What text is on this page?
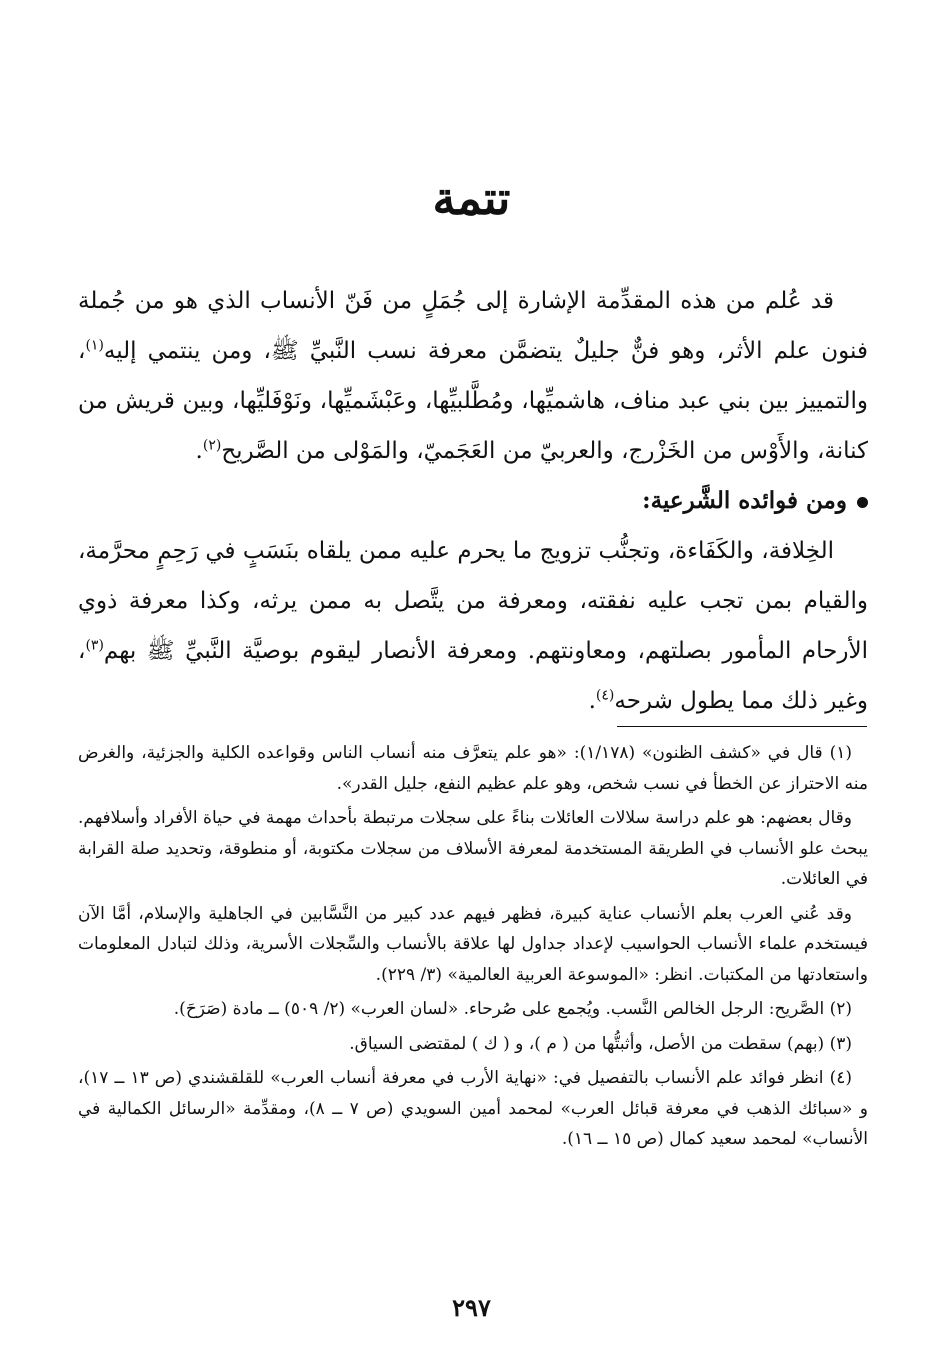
تتمة

قد عُلم من هذه المقدِّمة الإشارة إلى جُمَلٍ من فَنّ الأنساب الذي هو من جُملة فنون علم الأثر، وهو فنٌّ جليلٌ يتضمَّن معرفة نسب النَّبيِّ ﷺ، ومن ينتمي إليه$^{(١)}$، والتمييز بين بني عبد مناف، هاشميِّها، ومُطَّلبيِّها، وعَبْشَميِّها، ونَوْفَليِّها، وبين قريش من كنانة، والأَوْس من الخَزْرج، والعربيّ من العَجَميّ، والمَوْلى من الصَّريح$^{(٢)}$.

ومن فوائده الشَّرعية:

الخِلافة، والكَفَاءة، وتجنُّب تزويج ما يحرم عليه ممن يلقاه بنَسَبٍ في رَحِمٍ محرَّمة، والقيام بمن تجب عليه نفقته، ومعرفة من يتَّصل به ممن يرثه، وكذا معرفة ذوي الأرحام المأمور بصلتهم، ومعاونتهم. ومعرفة الأنصار ليقوم بوصيَّة النَّبيِّ ﷺ بهم$^{(٣)}$، وغير ذلك مما يطول شرحه$^{(٤)}$.

(١) قال في «كشف الظنون» (١/١٧٨): «هو علم يتعرَّف منه أنساب الناس وقواعده الكلية والجزئية، والغرض منه الاحتراز عن الخطأ في نسب شخص، وهو علم عظيم النفع، جليل القدر».

وقال بعضهم: هو علم دراسة سلالات العائلات بناءً على سجلات مرتبطة بأحداث مهمة في حياة الأفراد وأسلافهم. يبحث علو الأنساب في الطريقة المستخدمة لمعرفة الأسلاف من سجلات مكتوبة، أو منطوقة، وتحديد صلة القرابة في العائلات.

وقد عُني العرب بعلم الأنساب عناية كبيرة، فظهر فيهم عدد كبير من النَّسَّابين في الجاهلية والإسلام، أمَّا الآن فيستخدم علماء الأنساب الحواسيب لإعداد جداول لها علاقة بالأنساب والسِّجلات الأسرية، وذلك لتبادل المعلومات واستعادتها من المكتبات. انظر: «الموسوعة العربية العالمية» (٣/ ٢٢٩).

(٢) الصَّريح: الرجل الخالص النَّسب. ويُجمع على صُرحاء. «لسان العرب» (٢/ ٥٠٩) ــ مادة (صَرَحَ).

(٣) (بهم) سقطت من الأصل، وأثبتُّها من ( م )، و ( ك ) لمقتضى السياق.

(٤) انظر فوائد علم الأنساب بالتفصيل في: «نهاية الأرب في معرفة أنساب العرب» للقلقشندي (ص ١٣ ــ ١٧)، و «سبائك الذهب في معرفة قبائل العرب» لمحمد أمين السويدي (ص ٧ ــ ٨)، ومقدِّمة «الرسائل الكمالية في الأنساب» لمحمد سعيد كمال (ص ١٥ ــ ١٦).

٢٩٧
